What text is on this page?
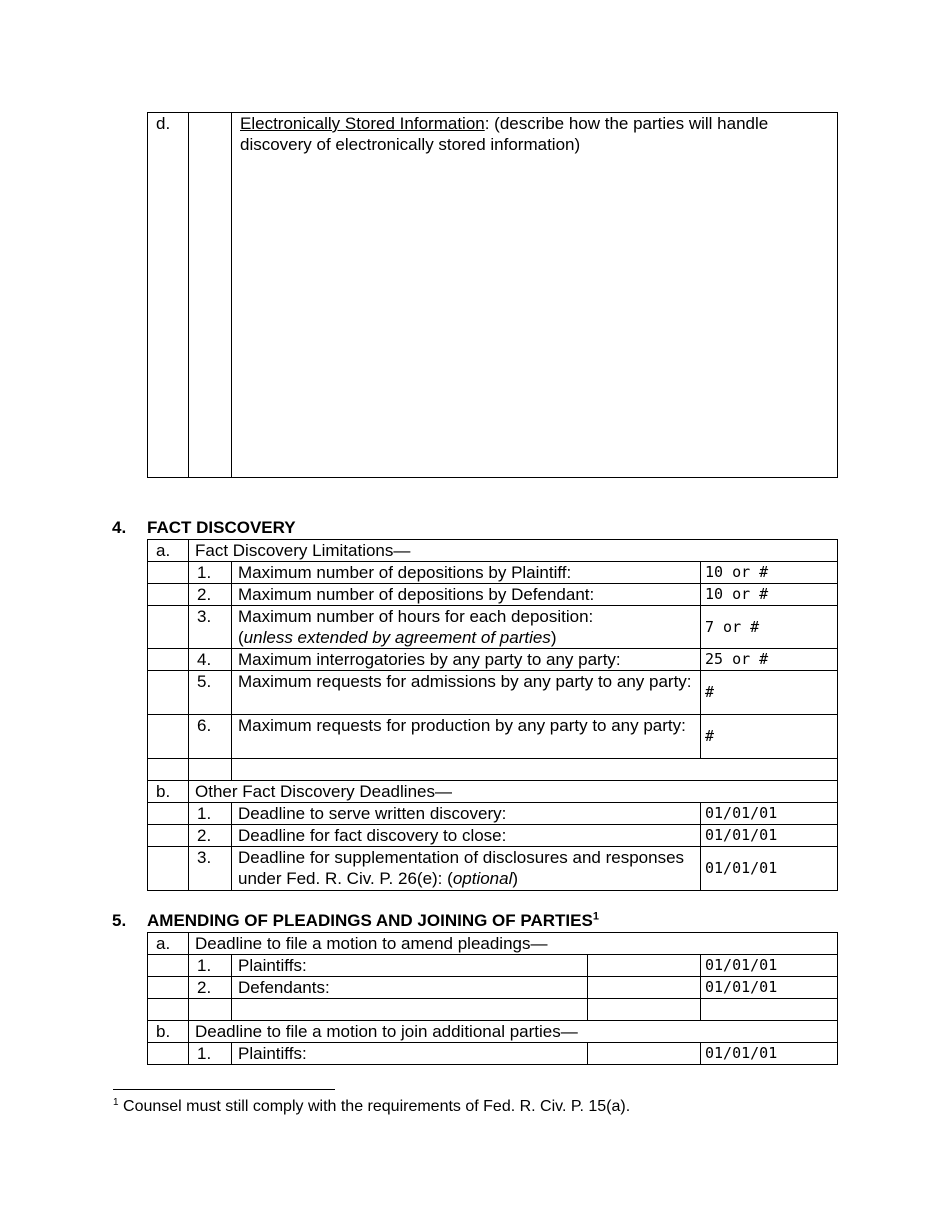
d.		Electronically Stored Information: (describe how the parties will handle discovery of electronically stored information)
4. FACT DISCOVERY
a.	Fact Discovery Limitations—		
	1.	Maximum number of depositions by Plaintiff:	10 or #
	2.	Maximum number of depositions by Defendant:	10 or #
	3.	Maximum number of hours for each deposition:
(unless extended by agreement of parties)	7 or #
	4.	Maximum interrogatories by any party to any party:	25 or #
	5.	Maximum requests for admissions by any party to any party:	#
	6.	Maximum requests for production by any party to any party:	#

b.	Other Fact Discovery Deadlines—		
	1.	Deadline to serve written discovery:	01/01/01
	2.	Deadline for fact discovery to close:	01/01/01
	3.	Deadline for supplementation of disclosures and responses under Fed. R. Civ. P. 26(e): (optional)	01/01/01
5. AMENDING OF PLEADINGS AND JOINING OF PARTIES$^1$
a.	Deadline to file a motion to amend pleadings—			
	1.	Plaintiffs:		01/01/01
	2.	Defendants:		01/01/01

b.	Deadline to file a motion to join additional parties—			
	1.	Plaintiffs:		01/01/01
$^1$ Counsel must still comply with the requirements of Fed. R. Civ. P. 15(a).
